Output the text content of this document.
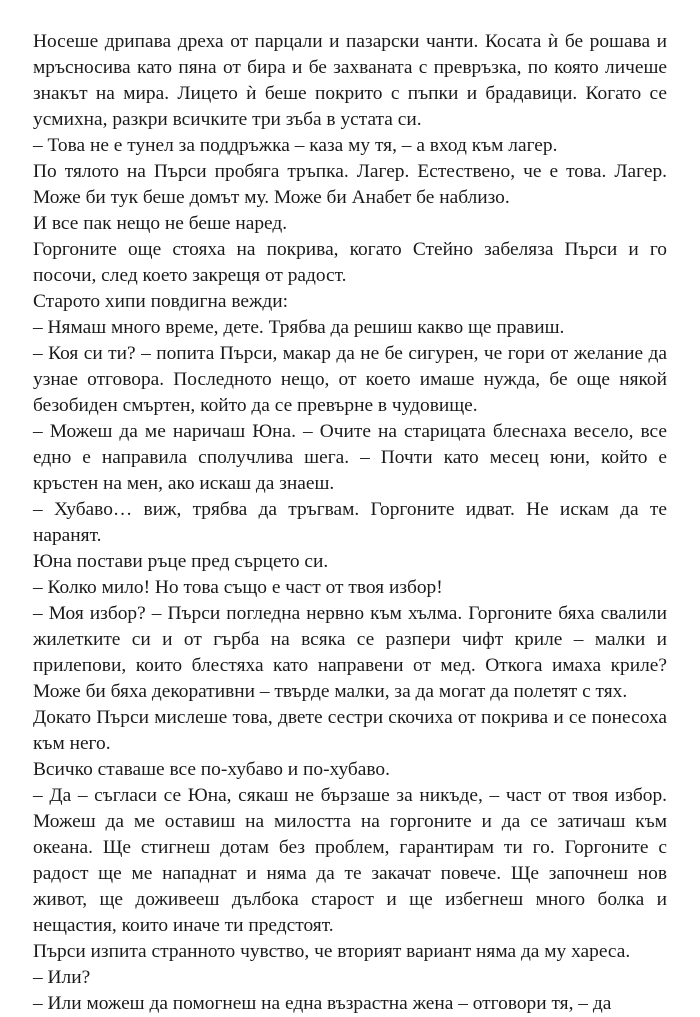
Носеше дрипава дреха от парцали и пазарски чанти. Косата ѝ бе рошава и мръсносива като пяна от бира и бе захваната с превръзка, по която личеше знакът на мира. Лицето ѝ беше покрито с пъпки и брадавици. Когато се усмихна, разкри всичките три зъба в устата си.

– Това не е тунел за поддръжка – каза му тя, – а вход към лагер.

По тялото на Пърси пробяга тръпка. Лагер. Естествено, че е това. Лагер. Може би тук беше домът му. Може би Анабет бе наблизо.

И все пак нещо не беше наред.

Горгоните още стояха на покрива, когато Стейно забеляза Пърси и го посочи, след което закрещя от радост.

Старото хипи повдигна вежди:

– Нямаш много време, дете. Трябва да решиш какво ще правиш.

– Коя си ти? – попита Пърси, макар да не бе сигурен, че гори от желание да узнае отговора. Последното нещо, от което имаше нужда, бе още някой безобиден смъртен, който да се превърне в чудовище.

– Можеш да ме наричаш Юна. – Очите на старицата блеснаха весело, все едно е направила сполучлива шега. – Почти като месец юни, който е кръстен на мен, ако искаш да знаеш.

– Хубаво… виж, трябва да тръгвам. Горгоните идват. Не искам да те наранят.

Юна постави ръце пред сърцето си.

– Колко мило! Но това също е част от твоя избор!

– Моя избор? – Пърси погледна нервно към хълма. Горгоните бяха свалили жилетките си и от гърба на всяка се разпери чифт криле – малки и прилепови, които блестяха като направени от мед. Откога имаха криле? Може би бяха декоративни – твърде малки, за да могат да полетят с тях.

Докато Пърси мислеше това, двете сестри скочиха от покрива и се понесоха към него.

Всичко ставаше все по-хубаво и по-хубаво.

– Да – съгласи се Юна, сякаш не бързаше за никъде, – част от твоя избор. Можеш да ме оставиш на милостта на горгоните и да се затичаш към океана. Ще стигнеш дотам без проблем, гарантирам ти го. Горгоните с радост ще ме нападнат и няма да те закачат повече. Ще започнеш нов живот, ще доживееш дълбока старост и ще избегнеш много болка и нещастия, които иначе ти предстоят.

Пърси изпита странното чувство, че вторият вариант няма да му хареса.

– Или?

– Или можеш да помогнеш на една възрастна жена – отговори тя, – да
